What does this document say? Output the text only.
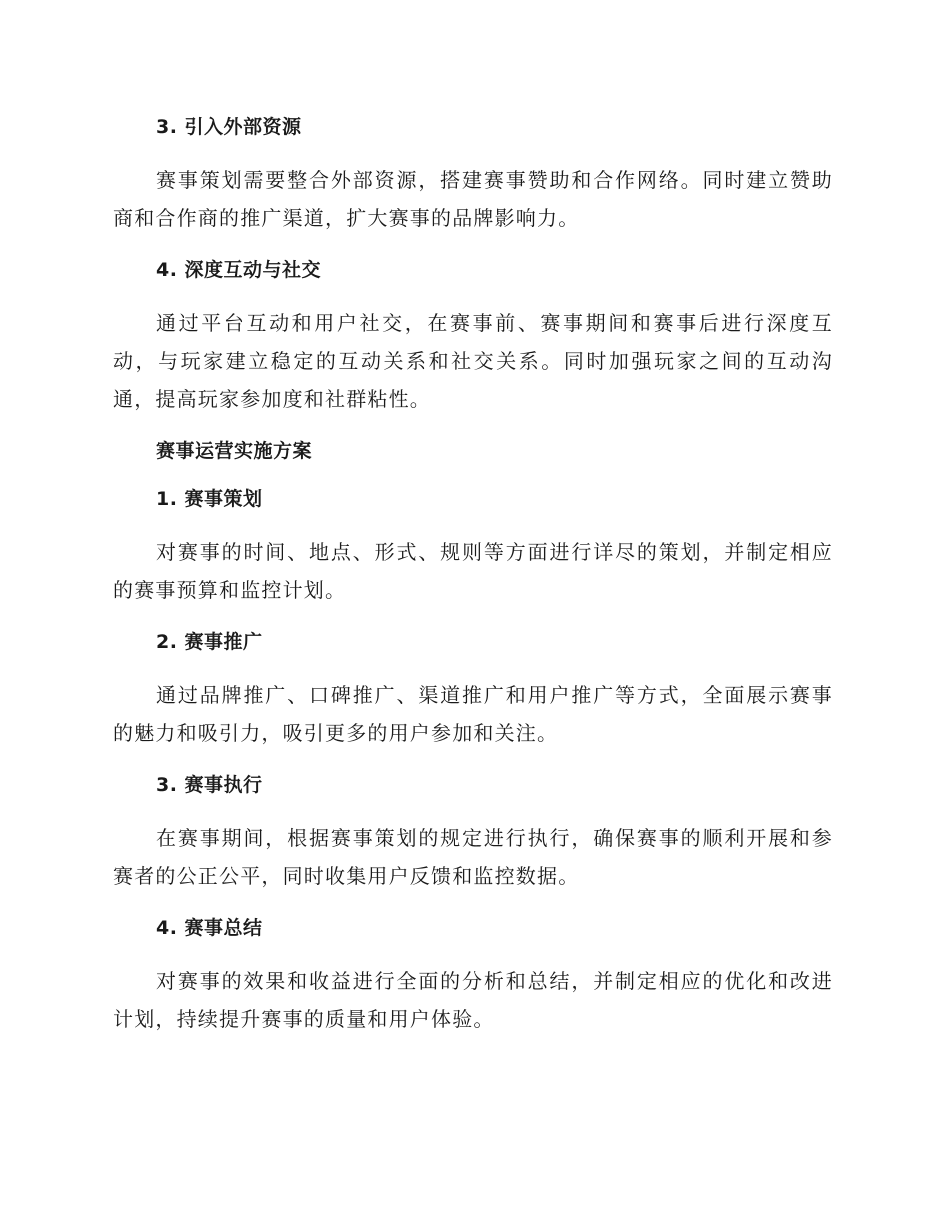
3. 引入外部资源

赛事策划需要整合外部资源，搭建赛事赞助和合作网络。同时建立赞助商和合作商的推广渠道，扩大赛事的品牌影响力。

4. 深度互动与社交

通过平台互动和用户社交，在赛事前、赛事期间和赛事后进行深度互动，与玩家建立稳定的互动关系和社交关系。同时加强玩家之间的互动沟通，提高玩家参加度和社群粘性。

赛事运营实施方案
1. 赛事策划

对赛事的时间、地点、形式、规则等方面进行详尽的策划，并制定相应的赛事预算和监控计划。

2. 赛事推广

通过品牌推广、口碑推广、渠道推广和用户推广等方式，全面展示赛事的魅力和吸引力，吸引更多的用户参加和关注。

3. 赛事执行

在赛事期间，根据赛事策划的规定进行执行，确保赛事的顺利开展和参赛者的公正公平，同时收集用户反馈和监控数据。

4. 赛事总结

对赛事的效果和收益进行全面的分析和总结，并制定相应的优化和改进计划，持续提升赛事的质量和用户体验。
